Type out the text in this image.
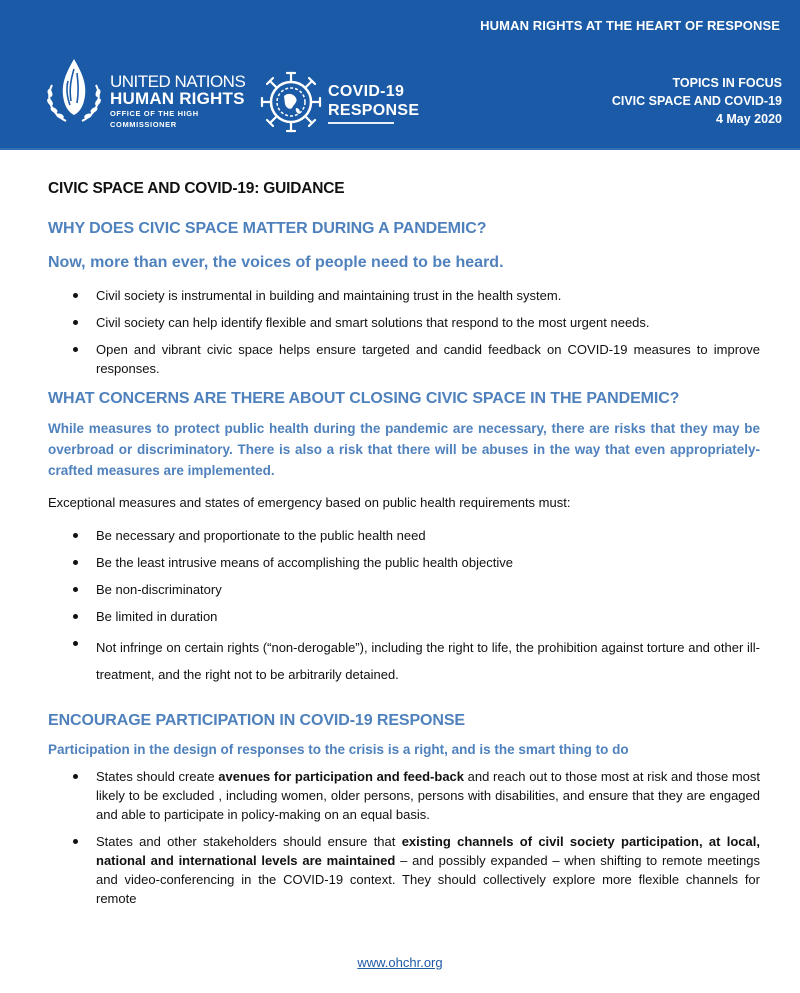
HUMAN RIGHTS AT THE HEART OF RESPONSE
UNITED NATIONS
HUMAN RIGHTS
OFFICE OF THE HIGH COMMISSIONER
COVID-19
RESPONSE
TOPICS IN FOCUS
CIVIC SPACE AND COVID-19
4 May 2020
CIVIC SPACE AND COVID-19: GUIDANCE
WHY DOES CIVIC SPACE MATTER DURING A PANDEMIC?
Now, more than ever, the voices of people need to be heard.
Civil society is instrumental in building and maintaining trust in the health system.
Civil society can help identify flexible and smart solutions that respond to the most urgent needs.
Open and vibrant civic space helps ensure targeted and candid feedback on COVID-19 measures to improve responses.
WHAT CONCERNS ARE THERE ABOUT CLOSING CIVIC SPACE IN THE PANDEMIC?
While measures to protect public health during the pandemic are necessary, there are risks that they may be overbroad or discriminatory. There is also a risk that there will be abuses in the way that even appropriately-crafted measures are implemented.
Exceptional measures and states of emergency based on public health requirements must:
Be necessary and proportionate to the public health need
Be the least intrusive means of accomplishing the public health objective
Be non-discriminatory
Be limited in duration
Not infringe on certain rights (“non-derogable”), including the right to life, the prohibition against torture and other ill-treatment, and the right not to be arbitrarily detained.
ENCOURAGE PARTICIPATION IN COVID-19 RESPONSE
Participation in the design of responses to the crisis is a right, and is the smart thing to do
States should create avenues for participation and feed-back and reach out to those most at risk and those most likely to be excluded , including women, older persons, persons with disabilities, and ensure that they are engaged and able to participate in policy-making on an equal basis.
States and other stakeholders should ensure that existing channels of civil society participation, at local, national and international levels are maintained – and possibly expanded – when shifting to remote meetings and video-conferencing in the COVID-19 context. They should collectively explore more flexible channels for remote
www.ohchr.org
